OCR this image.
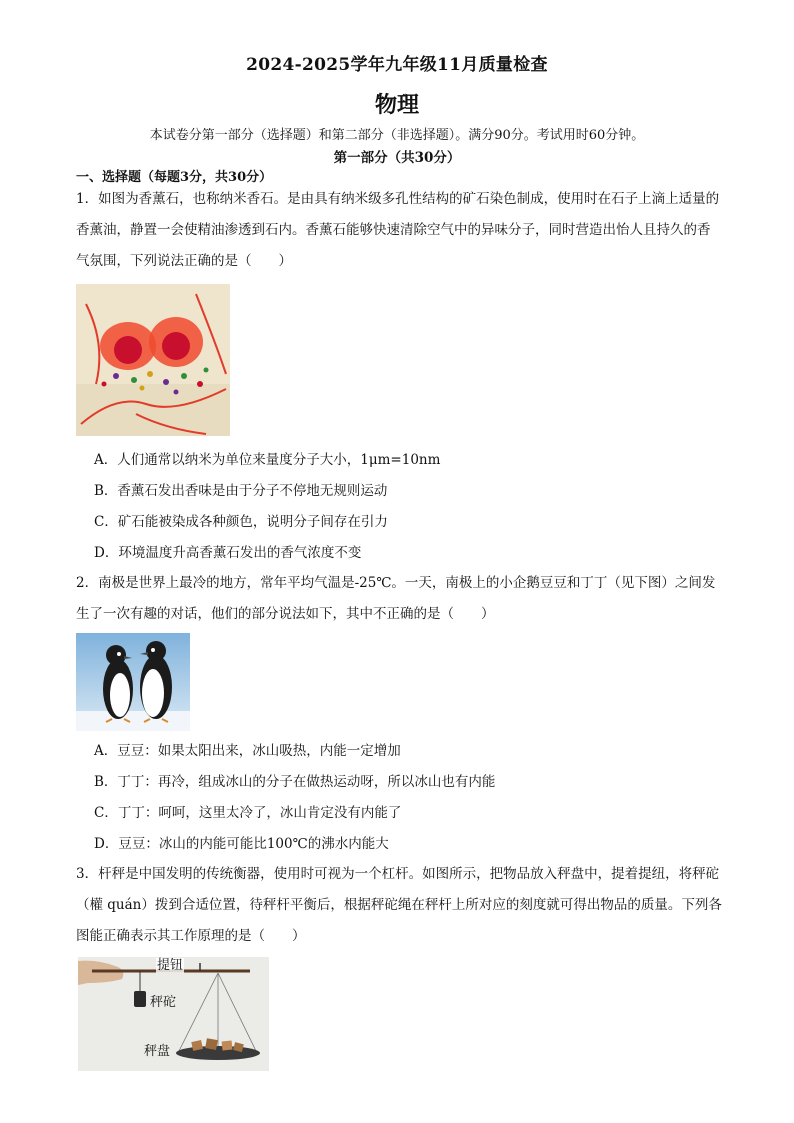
2024-2025学年九年级11月质量检查
物理
本试卷分第一部分（选择题）和第二部分（非选择题）。满分90分。考试用时60分钟。
第一部分（共30分）
一、选择题（每题3分，共30分）
1．如图为香薰石，也称纳米香石。是由具有纳米级多孔性结构的矿石染色制成，使用时在石子上滴上适量的香薰油，静置一会使精油渗透到石内。香薰石能够快速清除空气中的异味分子，同时营造出怡人且持久的香气氛围，下列说法正确的是（　　）
A．人们通常以纳米为单位来量度分子大小，1μm=10nm
B．香薰石发出香味是由于分子不停地无规则运动
C．矿石能被染成各种颜色，说明分子间存在引力
D．环境温度升高香薰石发出的香气浓度不变
2．南极是世界上最冷的地方，常年平均气温是-25℃。一天，南极上的小企鹅豆豆和丁丁（见下图）之间发生了一次有趣的对话，他们的部分说法如下，其中不正确的是（　　）
A．豆豆：如果太阳出来，冰山吸热，内能一定增加
B．丁丁：再冷，组成冰山的分子在做热运动呀，所以冰山也有内能
C．丁丁：呵呵，这里太冷了，冰山肯定没有内能了
D．豆豆：冰山的内能可能比100℃的沸水内能大
3．杆秤是中国发明的传统衡器，使用时可视为一个杠杆。如图所示，把物品放入秤盘中，提着提纽，将秤砣（權 quán）拨到合适位置，待秤杆平衡后，根据秤砣绳在秤杆上所对应的刻度就可得出物品的质量。下列各图能正确表示其工作原理的是（　　）
提钮
秤砣
秤盘
